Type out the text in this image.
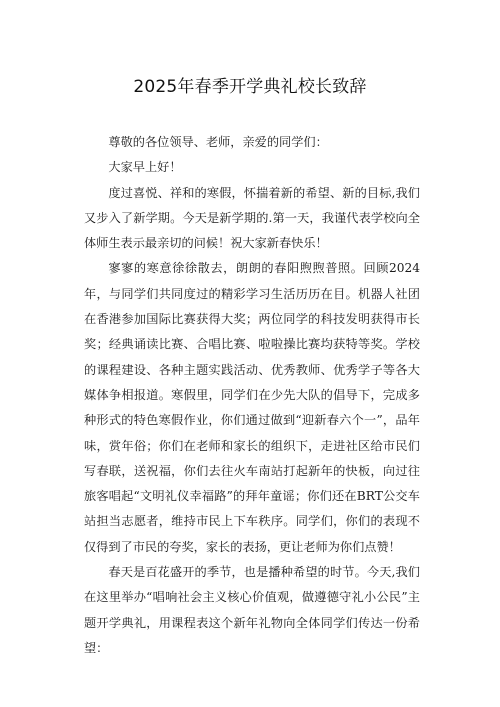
2025年春季开学典礼校长致辞

尊敬的各位领导、老师，亲爱的同学们：

大家早上好！

度过喜悦、祥和的寒假，怀揣着新的希望、新的目标,我们又步入了新学期。今天是新学期的.第一天，我谨代表学校向全体师生表示最亲切的问候！祝大家新春快乐！

寥寥的寒意徐徐散去，朗朗的春阳煦煦普照。回顾2024年，与同学们共同度过的精彩学习生活历历在目。机器人社团在香港参加国际比赛获得大奖；两位同学的科技发明获得市长奖；经典诵读比赛、合唱比赛、啦啦操比赛均获特等奖。学校的课程建设、各种主题实践活动、优秀教师、优秀学子等各大媒体争相报道。寒假里，同学们在少先大队的倡导下，完成多种形式的特色寒假作业，你们通过做到“迎新春六个一”，品年味，赏年俗；你们在老师和家长的组织下，走进社区给市民们写春联，送祝福，你们去往火车南站打起新年的快板，向过往旅客唱起“文明礼仪幸福路”的拜年童谣；你们还在BRT公交车站担当志愿者，维持市民上下车秩序。同学们，你们的表现不仅得到了市民的夸奖，家长的表扬，更让老师为你们点赞！

春天是百花盛开的季节，也是播种希望的时节。今天,我们在这里举办“唱响社会主义核心价值观，做遵德守礼小公民”主题开学典礼，用课程表这个新年礼物向全体同学们传达一份希望：
